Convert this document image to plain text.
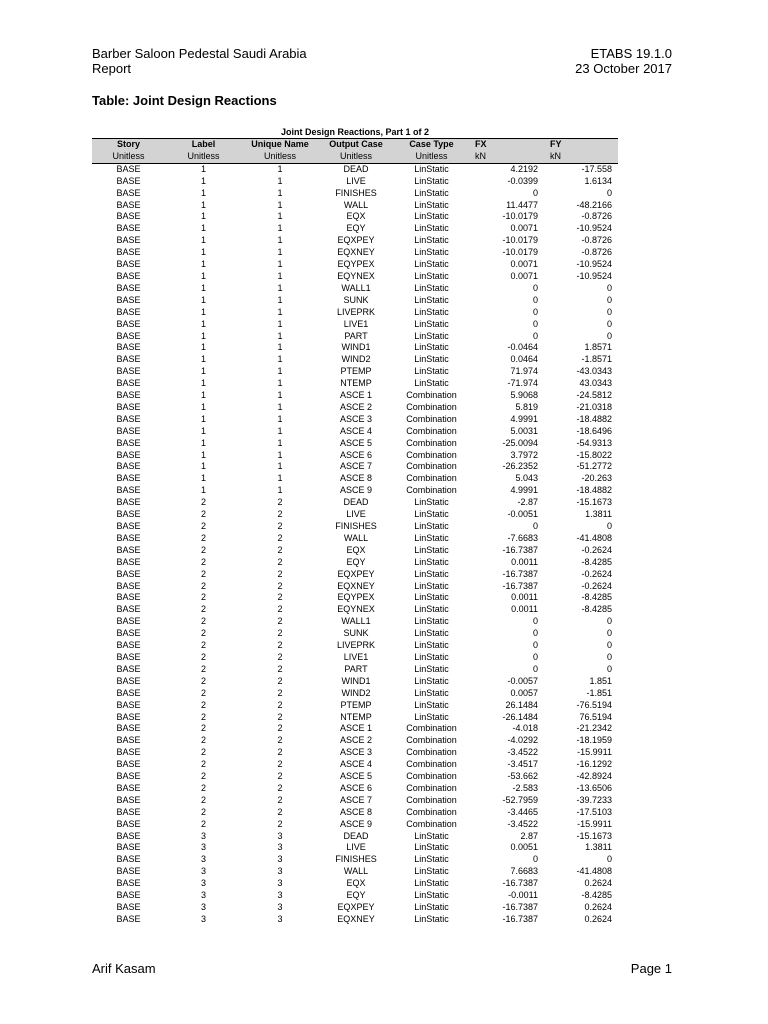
Barber Saloon Pedestal Saudi Arabia
Report
ETABS 19.1.0
23 October 2017
Table: Joint Design Reactions
Joint Design Reactions, Part 1 of 2
Story	Label	Unique Name	Output Case	Case Type	FX	FY
Unitless	Unitless	Unitless	Unitless	Unitless	kN	kN
BASE	1	1	DEAD	LinStatic	4.2192	-17.558
BASE	1	1	LIVE	LinStatic	-0.0399	1.6134
BASE	1	1	FINISHES	LinStatic	0	0
BASE	1	1	WALL	LinStatic	11.4477	-48.2166
BASE	1	1	EQX	LinStatic	-10.0179	-0.8726
BASE	1	1	EQY	LinStatic	0.0071	-10.9524
BASE	1	1	EQXPEY	LinStatic	-10.0179	-0.8726
BASE	1	1	EQXNEY	LinStatic	-10.0179	-0.8726
BASE	1	1	EQYPEX	LinStatic	0.0071	-10.9524
BASE	1	1	EQYNEX	LinStatic	0.0071	-10.9524
BASE	1	1	WALL1	LinStatic	0	0
BASE	1	1	SUNK	LinStatic	0	0
BASE	1	1	LIVEPRK	LinStatic	0	0
BASE	1	1	LIVE1	LinStatic	0	0
BASE	1	1	PART	LinStatic	0	0
BASE	1	1	WIND1	LinStatic	-0.0464	1.8571
BASE	1	1	WIND2	LinStatic	0.0464	-1.8571
BASE	1	1	PTEMP	LinStatic	71.974	-43.0343
BASE	1	1	NTEMP	LinStatic	-71.974	43.0343
BASE	1	1	ASCE 1	Combination	5.9068	-24.5812
BASE	1	1	ASCE 2	Combination	5.819	-21.0318
BASE	1	1	ASCE 3	Combination	4.9991	-18.4882
BASE	1	1	ASCE 4	Combination	5.0031	-18.6496
BASE	1	1	ASCE 5	Combination	-25.0094	-54.9313
BASE	1	1	ASCE 6	Combination	3.7972	-15.8022
BASE	1	1	ASCE 7	Combination	-26.2352	-51.2772
BASE	1	1	ASCE 8	Combination	5.043	-20.263
BASE	1	1	ASCE 9	Combination	4.9991	-18.4882
BASE	2	2	DEAD	LinStatic	-2.87	-15.1673
BASE	2	2	LIVE	LinStatic	-0.0051	1.3811
BASE	2	2	FINISHES	LinStatic	0	0
BASE	2	2	WALL	LinStatic	-7.6683	-41.4808
BASE	2	2	EQX	LinStatic	-16.7387	-0.2624
BASE	2	2	EQY	LinStatic	0.0011	-8.4285
BASE	2	2	EQXPEY	LinStatic	-16.7387	-0.2624
BASE	2	2	EQXNEY	LinStatic	-16.7387	-0.2624
BASE	2	2	EQYPEX	LinStatic	0.0011	-8.4285
BASE	2	2	EQYNEX	LinStatic	0.0011	-8.4285
BASE	2	2	WALL1	LinStatic	0	0
BASE	2	2	SUNK	LinStatic	0	0
BASE	2	2	LIVEPRK	LinStatic	0	0
BASE	2	2	LIVE1	LinStatic	0	0
BASE	2	2	PART	LinStatic	0	0
BASE	2	2	WIND1	LinStatic	-0.0057	1.851
BASE	2	2	WIND2	LinStatic	0.0057	-1.851
BASE	2	2	PTEMP	LinStatic	26.1484	-76.5194
BASE	2	2	NTEMP	LinStatic	-26.1484	76.5194
BASE	2	2	ASCE 1	Combination	-4.018	-21.2342
BASE	2	2	ASCE 2	Combination	-4.0292	-18.1959
BASE	2	2	ASCE 3	Combination	-3.4522	-15.9911
BASE	2	2	ASCE 4	Combination	-3.4517	-16.1292
BASE	2	2	ASCE 5	Combination	-53.662	-42.8924
BASE	2	2	ASCE 6	Combination	-2.583	-13.6506
BASE	2	2	ASCE 7	Combination	-52.7959	-39.7233
BASE	2	2	ASCE 8	Combination	-3.4465	-17.5103
BASE	2	2	ASCE 9	Combination	-3.4522	-15.9911
BASE	3	3	DEAD	LinStatic	2.87	-15.1673
BASE	3	3	LIVE	LinStatic	0.0051	1.3811
BASE	3	3	FINISHES	LinStatic	0	0
BASE	3	3	WALL	LinStatic	7.6683	-41.4808
BASE	3	3	EQX	LinStatic	-16.7387	0.2624
BASE	3	3	EQY	LinStatic	-0.0011	-8.4285
BASE	3	3	EQXPEY	LinStatic	-16.7387	0.2624
BASE	3	3	EQXNEY	LinStatic	-16.7387	0.2624
Arif Kasam	Page 1
